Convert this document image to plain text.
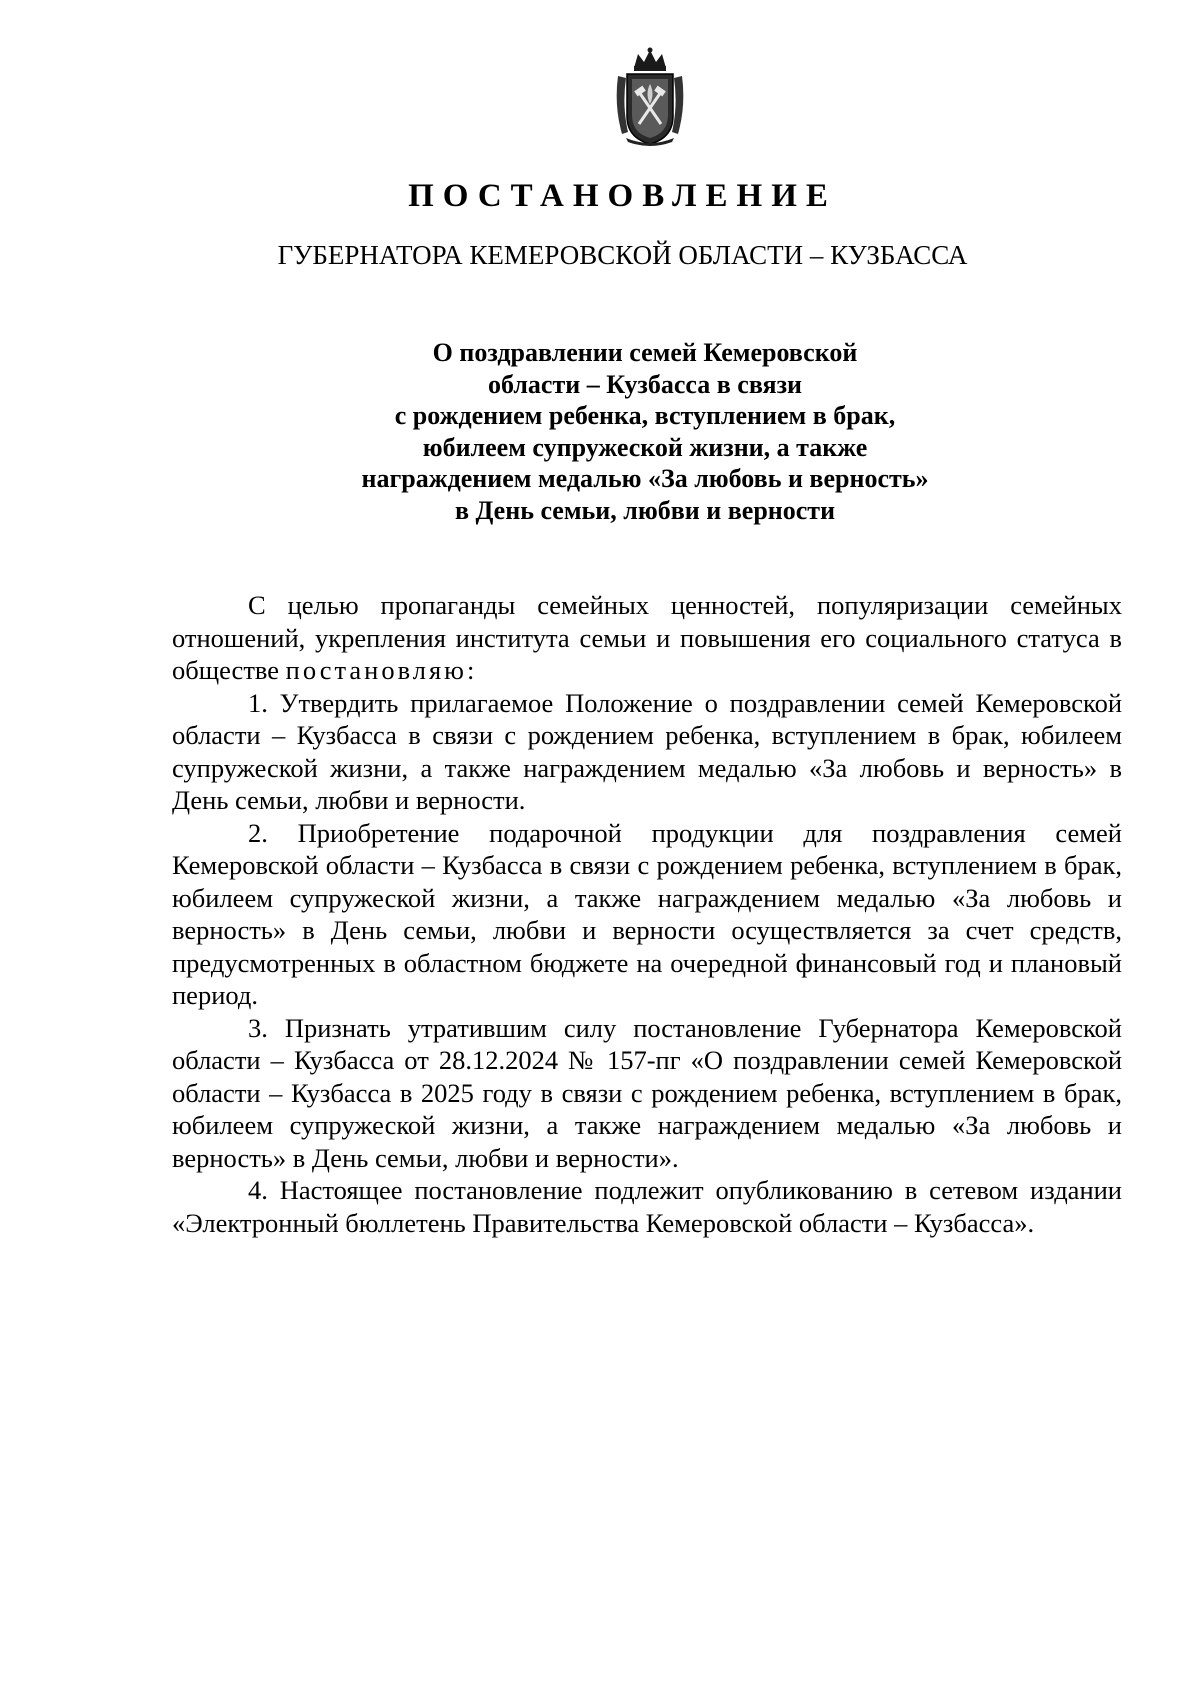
ПОСТАНОВЛЕНИЕ
ГУБЕРНАТОРА КЕМЕРОВСКОЙ ОБЛАСТИ – КУЗБАССА
О поздравлении семей Кемеровской
области – Кузбасса в связи
с рождением ребенка, вступлением в брак,
юбилеем супружеской жизни, а также
награждением медалью «За любовь и верность»
в День семьи, любви и верности

С целью пропаганды семейных ценностей, популяризации семейных отношений, укрепления института семьи и повышения его социального статуса в обществе постановляю:

1. Утвердить прилагаемое Положение о поздравлении семей Кемеровской области – Кузбасса в связи с рождением ребенка, вступлением в брак, юбилеем супружеской жизни, а также награждением медалью «За любовь и верность» в День семьи, любви и верности.

2. Приобретение подарочной продукции для поздравления семей Кемеровской области – Кузбасса в связи с рождением ребенка, вступлением в брак, юбилеем супружеской жизни, а также награждением медалью «За любовь и верность» в День семьи, любви и верности осуществляется за счет средств, предусмотренных в областном бюджете на очередной финансовый год и плановый период.

3. Признать утратившим силу постановление Губернатора Кемеровской области – Кузбасса от 28.12.2024 № 157-пг «О поздравлении семей Кемеровской области – Кузбасса в 2025 году в связи с рождением ребенка, вступлением в брак, юбилеем супружеской жизни, а также награждением медалью «За любовь и верность» в День семьи, любви и верности».

4. Настоящее постановление подлежит опубликованию в сетевом издании «Электронный бюллетень Правительства Кемеровской области – Кузбасса».
